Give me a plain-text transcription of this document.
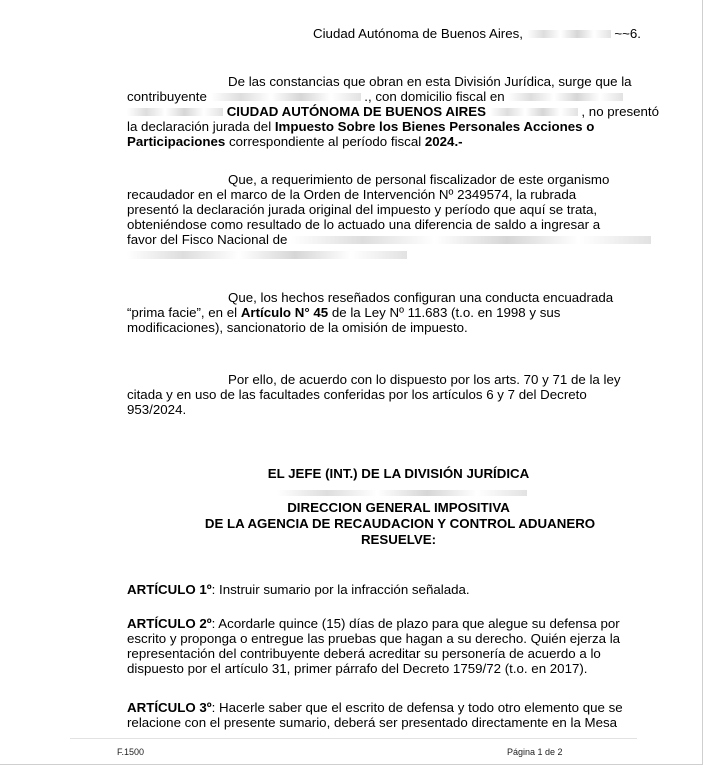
Ciudad Autónoma de Buenos Aires,	~~6.
De las constancias que obran en esta División Jurídica, surge que la
contribuyente	., con domicilio fiscal en
CIUDAD AUTÓNOMA DE BUENOS AIRES	, no presentó
la declaración jurada del Impuesto Sobre los Bienes Personales Acciones o
Participaciones correspondiente al período fiscal 2024.-
Que, a requerimiento de personal fiscalizador de este organismo
recaudador en el marco de la Orden de Intervención Nº 2349574, la rubrada
presentó la declaración jurada original del impuesto y período que aquí se trata,
obteniéndose como resultado de lo actuado una diferencia de saldo a ingresar a
favor del Fisco Nacional de
Que, los hechos reseñados configuran una conducta encuadrada
“prima facie”, en el Artículo N° 45 de la Ley Nº 11.683 (t.o. en 1998 y sus
modificaciones), sancionatorio de la omisión de impuesto.
Por ello, de acuerdo con lo dispuesto por los arts. 70 y 71 de la ley
citada y en uso de las facultades conferidas por los artículos 6 y 7 del Decreto
953/2024.
EL JEFE (INT.) DE LA DIVISIÓN JURÍDICA
DIRECCION GENERAL IMPOSITIVA
DE LA AGENCIA DE RECAUDACION Y CONTROL ADUANERO
RESUELVE:
ARTÍCULO 1º: Instruir sumario por la infracción señalada.
ARTÍCULO 2º: Acordarle quince (15) días de plazo para que alegue su defensa por
escrito y proponga o entregue las pruebas que hagan a su derecho. Quién ejerza la
representación del contribuyente deberá acreditar su personería de acuerdo a lo
dispuesto por el artículo 31, primer párrafo del Decreto 1759/72 (t.o. en 2017).
ARTÍCULO 3º: Hacerle saber que el escrito de defensa y todo otro elemento que se
relacione con el presente sumario, deberá ser presentado directamente en la Mesa
F.1500	Página 1 de 2
